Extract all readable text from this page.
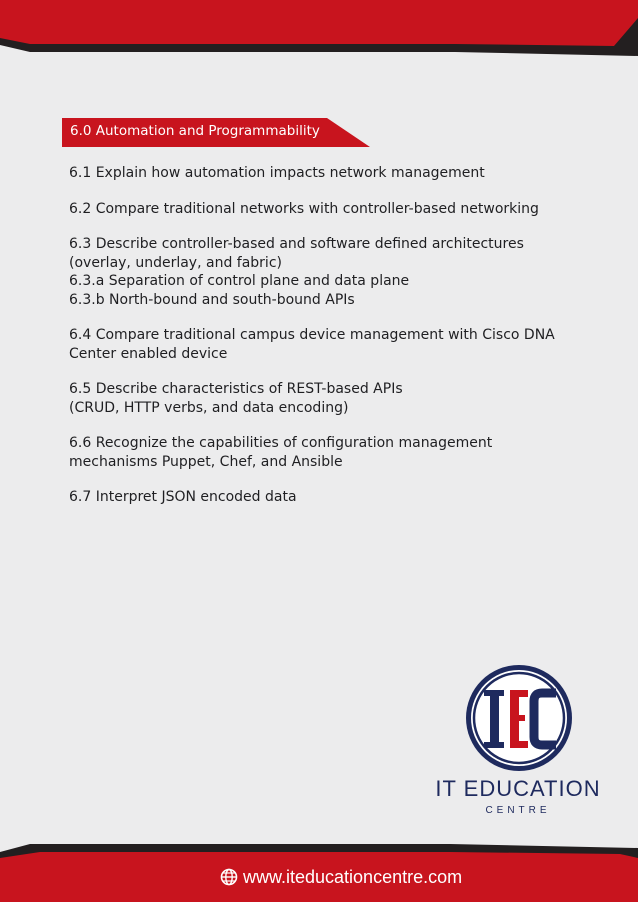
6.0 Automation and Programmability
6.1 Explain how automation impacts network management
6.2 Compare traditional networks with controller-based networking
6.3 Describe controller-based and software defined architectures
(overlay, underlay, and fabric)
6.3.a Separation of control plane and data plane
6.3.b North-bound and south-bound APIs
6.4 Compare traditional campus device management with Cisco DNA
Center enabled device
6.5 Describe characteristics of REST-based APIs
(CRUD, HTTP verbs, and data encoding)
6.6 Recognize the capabilities of configuration management
mechanisms Puppet, Chef, and Ansible
6.7 Interpret JSON encoded data
IT EDUCATION
CENTRE
www.iteducationcentre.com
